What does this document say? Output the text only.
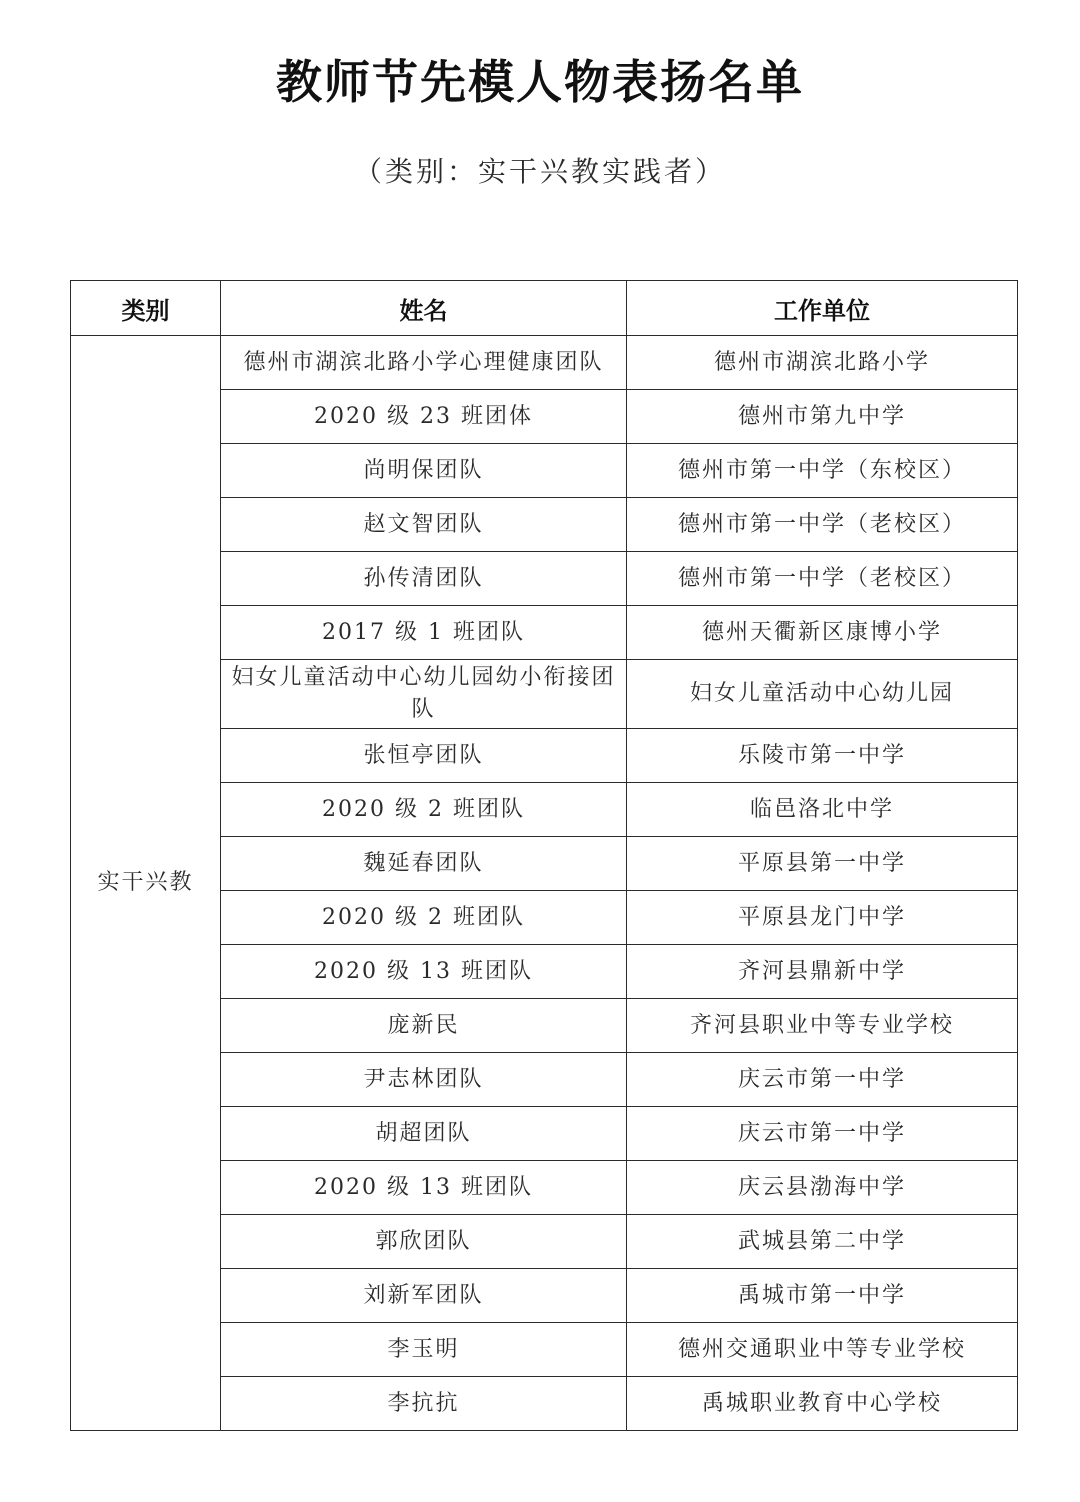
教师节先模人物表扬名单
（类别：实干兴教实践者）
类别	姓名	工作单位
实干兴教	德州市湖滨北路小学心理健康团队	德州市湖滨北路小学
	2020 级 23 班团体	德州市第九中学
	尚明保团队	德州市第一中学（东校区）
	赵文智团队	德州市第一中学（老校区）
	孙传清团队	德州市第一中学（老校区）
	2017 级 1 班团队	德州天衢新区康博小学
	妇女儿童活动中心幼儿园幼小衔接团队	妇女儿童活动中心幼儿园
	张恒亭团队	乐陵市第一中学
	2020 级 2 班团队	临邑洛北中学
	魏延春团队	平原县第一中学
	2020 级 2 班团队	平原县龙门中学
	2020 级 13 班团队	齐河县鼎新中学
	庞新民	齐河县职业中等专业学校
	尹志林团队	庆云市第一中学
	胡超团队	庆云市第一中学
	2020 级 13 班团队	庆云县渤海中学
	郭欣团队	武城县第二中学
	刘新军团队	禹城市第一中学
	李玉明	德州交通职业中等专业学校
	李抗抗	禹城职业教育中心学校
